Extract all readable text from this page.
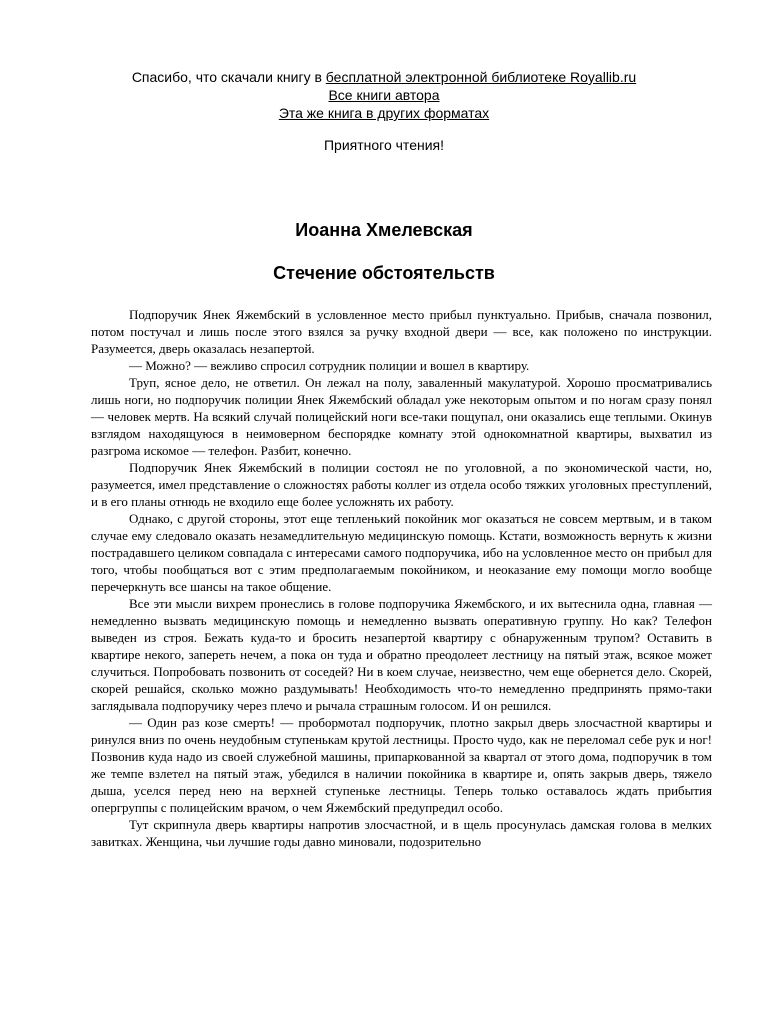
Спасибо, что скачали книгу в бесплатной электронной библиотеке Royallib.ru
Все книги автора
Эта же книга в других форматах
Приятного чтения!
Иоанна Хмелевская
Стечение обстоятельств

Подпоручик Янек Яжембский в условленное место прибыл пунктуально. Прибыв, сначала позвонил, потом постучал и лишь после этого взялся за ручку входной двери — все, как положено по инструкции. Разумеется, дверь оказалась незапертой.

— Можно? — вежливо спросил сотрудник полиции и вошел в квартиру.

Труп, ясное дело, не ответил. Он лежал на полу, заваленный макулатурой. Хорошо просматривались лишь ноги, но подпоручик полиции Янек Яжембский обладал уже некоторым опытом и по ногам сразу понял — человек мертв. На всякий случай полицейский ноги все-таки пощупал, они оказались еще теплыми. Окинув взглядом находящуюся в неимоверном беспорядке комнату этой однокомнатной квартиры, выхватил из разгрома искомое — телефон. Разбит, конечно.

Подпоручик Янек Яжембский в полиции состоял не по уголовной, а по экономической части, но, разумеется, имел представление о сложностях работы коллег из отдела особо тяжких уголовных преступлений, и в его планы отнюдь не входило еще более усложнять их работу.

Однако, с другой стороны, этот еще тепленький покойник мог оказаться не совсем мертвым, и в таком случае ему следовало оказать незамедлительную медицинскую помощь. Кстати, возможность вернуть к жизни пострадавшего целиком совпадала с интересами самого подпоручика, ибо на условленное место он прибыл для того, чтобы пообщаться вот с этим предполагаемым покойником, и неоказание ему помощи могло вообще перечеркнуть все шансы на такое общение.

Все эти мысли вихрем пронеслись в голове подпоручика Яжембского, и их вытеснила одна, главная — немедленно вызвать медицинскую помощь и немедленно вызвать оперативную группу. Но как? Телефон выведен из строя. Бежать куда-то и бросить незапертой квартиру с обнаруженным трупом? Оставить в квартире некого, запереть нечем, а пока он туда и обратно преодолеет лестницу на пятый этаж, всякое может случиться. Попробовать позвонить от соседей? Ни в коем случае, неизвестно, чем еще обернется дело. Скорей, скорей решайся, сколько можно раздумывать! Необходимость что-то немедленно предпринять прямо-таки заглядывала подпоручику через плечо и рычала страшным голосом. И он решился.

— Один раз козе смерть! — пробормотал подпоручик, плотно закрыл дверь злосчастной квартиры и ринулся вниз по очень неудобным ступенькам крутой лестницы. Просто чудо, как не переломал себе рук и ног! Позвонив куда надо из своей служебной машины, припаркованной за квартал от этого дома, подпоручик в том же темпе взлетел на пятый этаж, убедился в наличии покойника в квартире и, опять закрыв дверь, тяжело дыша, уселся перед нею на верхней ступеньке лестницы. Теперь только оставалось ждать прибытия опергруппы с полицейским врачом, о чем Яжембский предупредил особо.

Тут скрипнула дверь квартиры напротив злосчастной, и в щель просунулась дамская голова в мелких завитках. Женщина, чьи лучшие годы давно миновали, подозрительно
